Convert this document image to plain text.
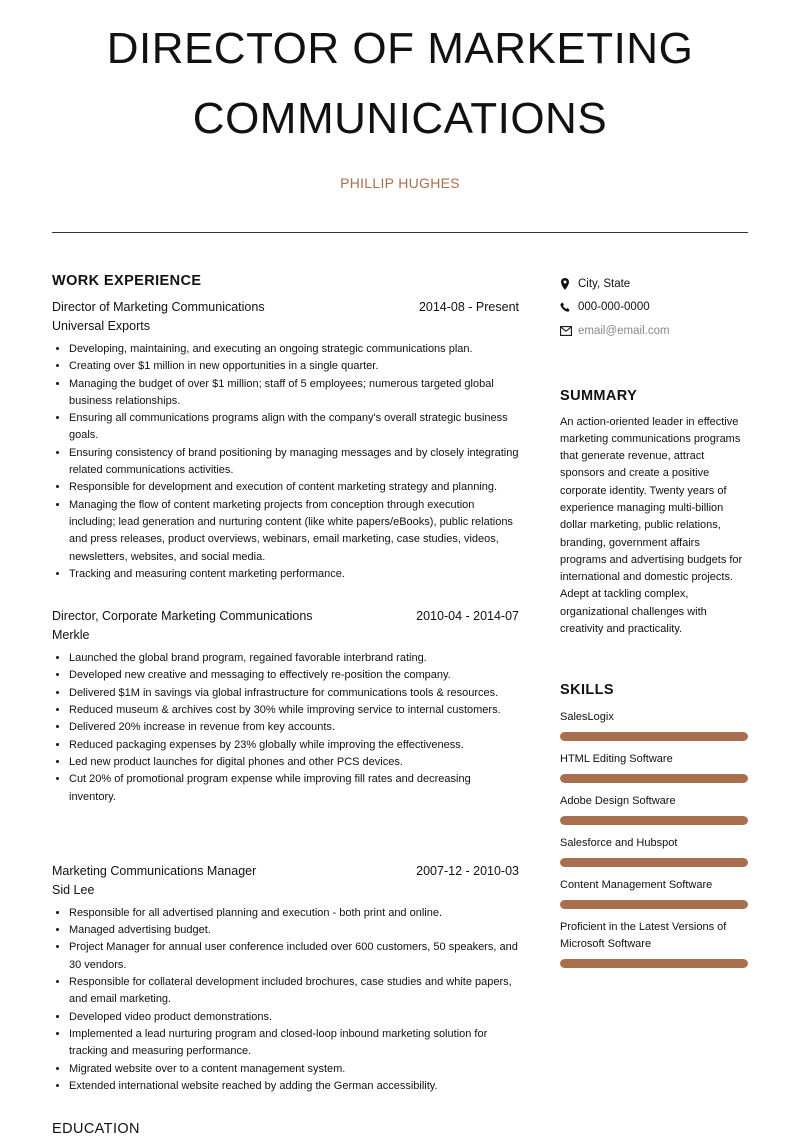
DIRECTOR OF MARKETING
COMMUNICATIONS
PHILLIP HUGHES
WORK EXPERIENCE
Director of Marketing Communications	2014-08 - Present
Universal Exports
• Developing, maintaining, and executing an ongoing strategic communications plan.
• Creating over $1 million in new opportunities in a single quarter.
• Managing the budget of over $1 million; staff of 5 employees; numerous targeted global business relationships.
• Ensuring all communications programs align with the company's overall strategic business goals.
• Ensuring consistency of brand positioning by managing messages and by closely integrating related communications activities.
• Responsible for development and execution of content marketing strategy and planning.
• Managing the flow of content marketing projects from conception through execution including; lead generation and nurturing content (like white papers/eBooks), public relations and press releases, product overviews, webinars, email marketing, case studies, videos, newsletters, websites, and social media.
• Tracking and measuring content marketing performance.
Director, Corporate Marketing Communications	2010-04 - 2014-07
Merkle
• Launched the global brand program, regained favorable interbrand rating.
• Developed new creative and messaging to effectively re-position the company.
• Delivered $1M in savings via global infrastructure for communications tools & resources.
• Reduced museum & archives cost by 30% while improving service to internal customers.
• Delivered 20% increase in revenue from key accounts.
• Reduced packaging expenses by 23% globally while improving the effectiveness.
• Led new product launches for digital phones and other PCS devices.
• Cut 20% of promotional program expense while improving fill rates and decreasing inventory.
Marketing Communications Manager	2007-12 - 2010-03
Sid Lee
• Responsible for all advertised planning and execution - both print and online.
• Managed advertising budget.
• Project Manager for annual user conference included over 600 customers, 50 speakers, and 30 vendors.
• Responsible for collateral development included brochures, case studies and white papers, and email marketing.
• Developed video product demonstrations.
• Implemented a lead nurturing program and closed-loop inbound marketing solution for tracking and measuring performance.
• Migrated website over to a content management system.
• Extended international website reached by adding the German accessibility.
City, State
000-000-0000
email@email.com
SUMMARY
An action-oriented leader in effective marketing communications programs that generate revenue, attract sponsors and create a positive corporate identity. Twenty years of experience managing multi-billion dollar marketing, public relations, branding, government affairs programs and advertising budgets for international and domestic projects. Adept at tackling complex, organizational challenges with creativity and practicality.
SKILLS
SalesLogix
HTML Editing Software
Adobe Design Software
Salesforce and Hubspot
Content Management Software
Proficient in the Latest Versions of Microsoft Software
EDUCATION
